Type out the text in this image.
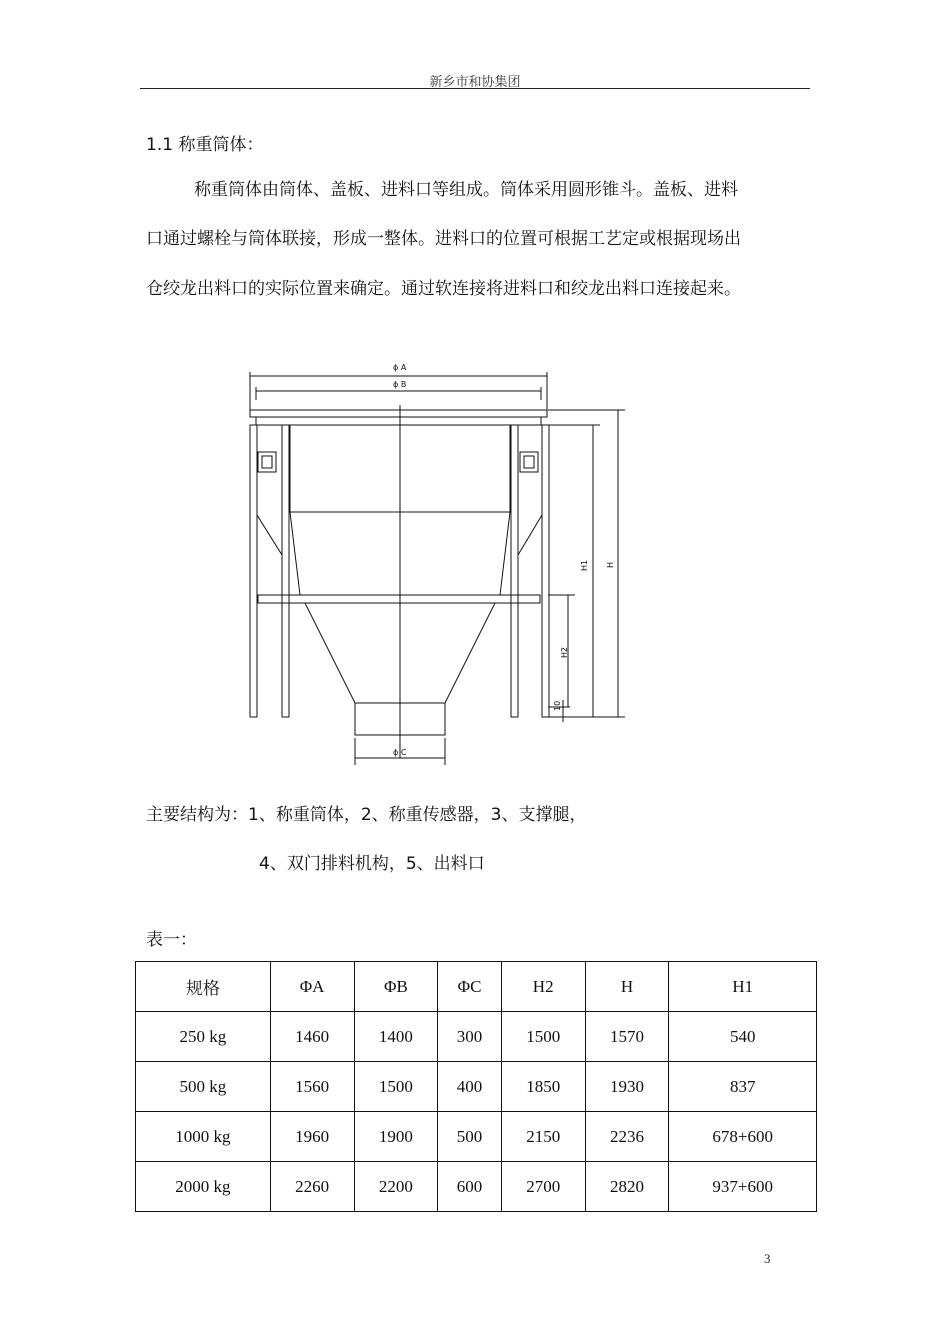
新乡市和协集团
1.1 称重筒体：
称重筒体由筒体、盖板、进料口等组成。筒体采用圆形锥斗。盖板、进料
口通过螺栓与筒体联接，形成一整体。进料口的位置可根据工艺定或根据现场出
仓绞龙出料口的实际位置来确定。通过软连接将进料口和绞龙出料口连接起来。
ϕ A
ϕ B
ϕ C
H
H1
H2
10
主要结构为：1、称重筒体，2、称重传感器，3、支撑腿，
4、双门排料机构，5、出料口
表一：
规格	ΦA	ΦB	ΦC	H2	H	H1
250 kg	1460	1400	300	1500	1570	540
500 kg	1560	1500	400	1850	1930	837
1000 kg	1960	1900	500	2150	2236	678+600
2000 kg	2260	2200	600	2700	2820	937+600
3
